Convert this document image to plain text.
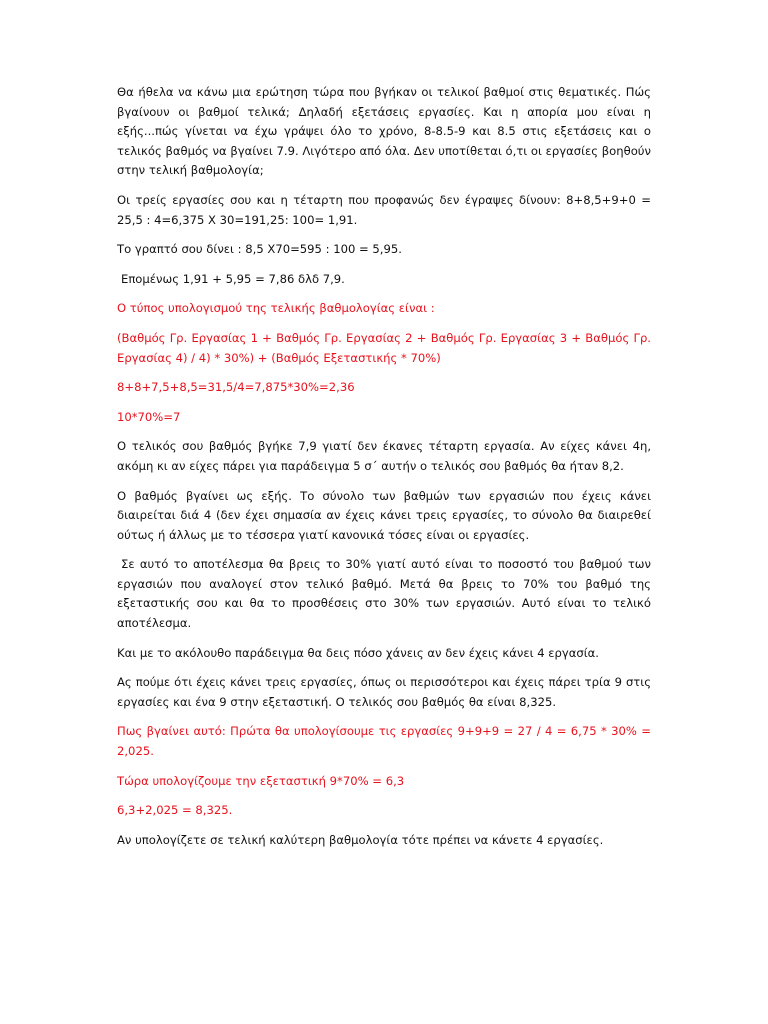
Θα ήθελα να κάνω μια ερώτηση τώρα που βγήκαν οι τελικοί βαθμοί στις θεματικές. Πώς βγαίνουν οι βαθμοί τελικά; Δηλαδή εξετάσεις εργασίες. Και η απορία μου είναι η εξής...πώς γίνεται να έχω γράψει όλο το χρόνο, 8-8.5-9 και 8.5 στις εξετάσεις και ο τελικός βαθμός να βγαίνει 7.9. Λιγότερο από όλα. Δεν υποτίθεται ό,τι οι εργασίες βοηθούν στην τελική βαθμολογία;

Οι τρείς εργασίες σου και η τέταρτη που προφανώς δεν έγραψες δίνουν: 8+8,5+9+0 = 25,5 : 4=6,375 Χ 30=191,25: 100= 1,91.

Το γραπτό σου δίνει : 8,5 Χ70=595 : 100 = 5,95.

Επομένως 1,91 + 5,95 = 7,86 δλδ 7,9.

Ο τύπος υπολογισμού της τελικής βαθμολογίας είναι :

(Βαθμός Γρ. Εργασίας 1 + Βαθμός Γρ. Εργασίας 2 + Βαθμός Γρ. Εργασίας 3 + Βαθμός Γρ. Εργασίας 4) / 4) * 30%) + (Βαθμός Εξεταστικής * 70%)

8+8+7,5+8,5=31,5/4=7,875*30%=2,36

10*70%=7

Ο τελικός σου βαθμός βγήκε 7,9 γιατί δεν έκανες τέταρτη εργασία. Αν είχες κάνει 4η, ακόμη κι αν είχες πάρει για παράδειγμα 5 σ΄ αυτήν ο τελικός σου βαθμός θα ήταν 8,2.

Ο βαθμός βγαίνει ως εξής. Το σύνολο των βαθμών των εργασιών που έχεις κάνει διαιρείται διά 4 (δεν έχει σημασία αν έχεις κάνει τρεις εργασίες, το σύνολο θα διαιρεθεί ούτως ή άλλως με το τέσσερα γιατί κανονικά τόσες είναι οι εργασίες.

Σε αυτό το αποτέλεσμα θα βρεις το 30% γιατί αυτό είναι το ποσοστό του βαθμού των εργασιών που αναλογεί στον τελικό βαθμό. Μετά θα βρεις το 70% του βαθμό της εξεταστικής σου και θα το προσθέσεις στο 30% των εργασιών. Αυτό είναι το τελικό αποτέλεσμα.

Και με το ακόλουθο παράδειγμα θα δεις πόσο χάνεις αν δεν έχεις κάνει 4 εργασία.

Ας πούμε ότι έχεις κάνει τρεις εργασίες, όπως οι περισσότεροι και έχεις πάρει τρία 9 στις εργασίες και ένα 9 στην εξεταστική. Ο τελικός σου βαθμός θα είναι 8,325.

Πως βγαίνει αυτό: Πρώτα θα υπολογίσουμε τις εργασίες 9+9+9 = 27 / 4 = 6,75 * 30% = 2,025.

Τώρα υπολογίζουμε την εξεταστική 9*70% = 6,3

6,3+2,025 = 8,325.

Αν υπολογίζετε σε τελική καλύτερη βαθμολογία τότε πρέπει να κάνετε 4 εργασίες.
